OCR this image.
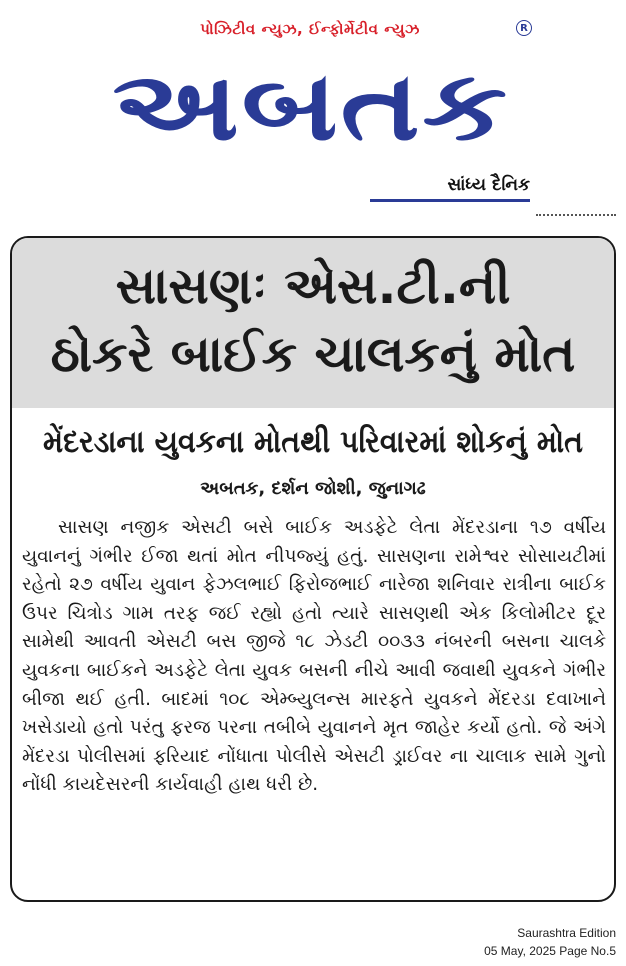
પોઝિટીવ ન્યુઝ, ઈન્ફોર્મેટીવ ન્યુઝ	R
અબતક
સાંધ્ય દૈનિક
સાસણઃ એસ.ટી.ની
ઠોકરે બાઈક ચાલકનું મોત
મેંદરડાના યુવકના મોતથી પરિવારમાં શોકનું મોત
અબતક, દર્શન જોશી, જુનાગઢ
સાસણ નજીક એસટી બસે બાઈક અડફેટે લેતા મેંદરડાના ૧૭ વર્ષીય યુવાનનું ગંભીર ઈજા થતાં મોત નીપજ્યું હતું. સાસણના રામેશ્વર સોસાયટીમાં રહેતો ૨૭ વર્ષીય યુવાન ફેઝલભાઈ ફિરોજભાઈ નારેજા શનિવાર રાત્રીના બાઈક ઉપર ચિત્રોડ ગામ તરફ જઈ રહ્યો હતો ત્યારે સાસણથી એક કિલોમીટર દૂર સામેથી આવતી એસટી બસ જીજે ૧૮ ઝેડટી ૦૦૩૩ નંબરની બસના ચાલકે યુવકના બાઈકને અડફેટે લેતા યુવક બસની નીચે આવી જવાથી યુવકને ગંભીર બીજા થઈ હતી. બાદમાં ૧૦૮ એમ્બ્યુલન્સ મારફતે યુવકને મેંદરડા દવાખાને ખસેડાયો હતો પરંતુ ફરજ પરના તબીબે યુવાનને મૃત જાહેર કર્યો હતો. જે અંગે મેંદરડા પોલીસમાં ફરિયાદ નોંધાતા પોલીસે એસટી ડ્રાઈવર ના ચાલાક સામે ગુનો નોંધી કાયદેસરની કાર્યવાહી હાથ ધરી છે.
Saurashtra Edition
05 May, 2025 Page No.5
